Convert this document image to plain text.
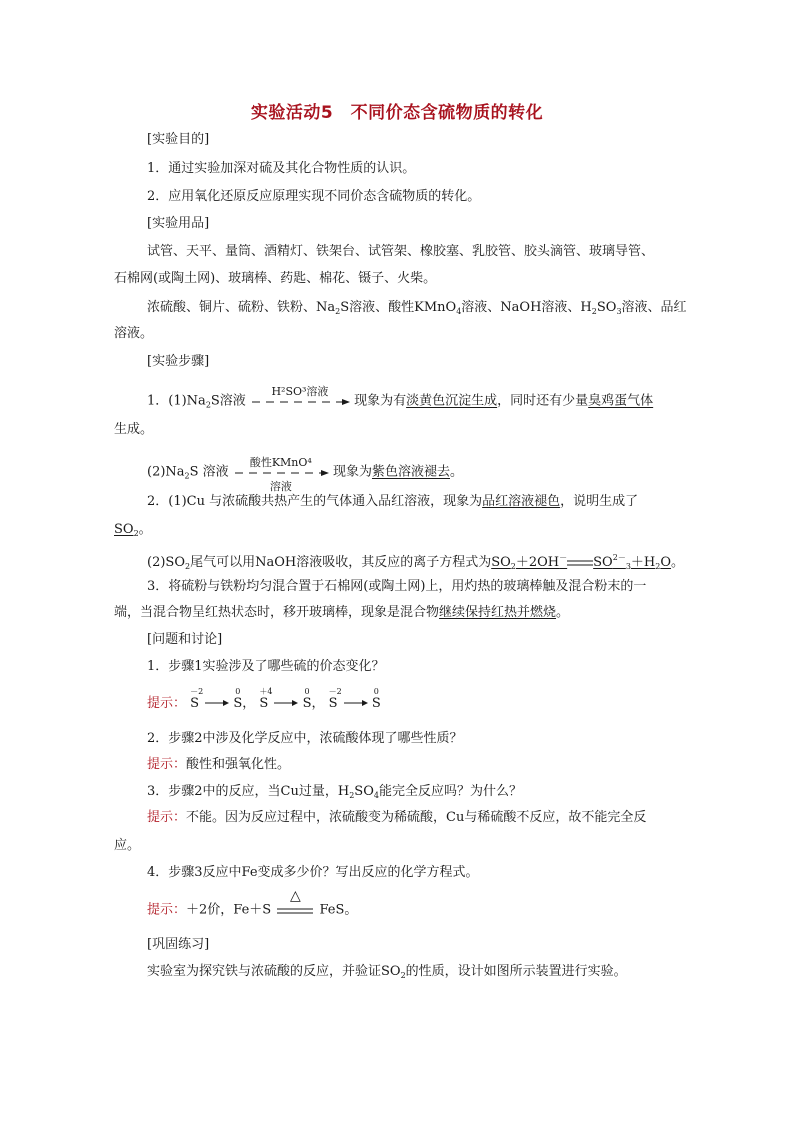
实验活动5　不同价态含硫物质的转化
[实验目的]
1．通过实验加深对硫及其化合物性质的认识。
2．应用氧化还原反应原理实现不同价态含硫物质的转化。
[实验用品]
试管、天平、量筒、酒精灯、铁架台、试管架、橡胶塞、乳胶管、胶头滴管、玻璃导管、
石棉网(或陶土网)、玻璃棒、药匙、棉花、镊子、火柴。
浓硫酸、铜片、硫粉、铁粉、$Na_2S$溶液、酸性KMnO$_4$溶液、NaOH溶液、$H_2SO_3$溶液、品红
溶液。
[实验步骤]
1．$(1)Na_2S$溶液
H²SO³溶液
现象为有淡黄色沉淀生成，同时还有少量臭鸡蛋气体
生成。
$(2)Na_2S$ 溶液
酸性KMnO⁴
溶液
现象为紫色溶液褪去。
2．(1)Cu 与浓硫酸共热产生的气体通入品红溶液，现象为品红溶液褪色，说明生成了
$SO_2$。
$(2)SO_2$尾气可以用NaOH溶液吸收，其反应的离子方程式为$SO_2+2OH^-$ $SO^{2-}_3+H_2O$。
3．将硫粉与铁粉均匀混合置于石棉网(或陶土网)上，用灼热的玻璃棒触及混合粉末的一
端，当混合物呈红热状态时，移开玻璃棒，现象是混合物继续保持红热并燃烧。
[问题和讨论]
1．步骤1实验涉及了哪些硫的价态变化？
提示：
－2
S
0
S，
＋4
S
0
S，
－2
S
0
S
2．步骤2中涉及化学反应中，浓硫酸体现了哪些性质？
提示：酸性和强氧化性。
3．步骤2中的反应，当Cu过量，$H_2SO_4$能完全反应吗？为什么？
提示：不能。因为反应过程中，浓硫酸变为稀硫酸，Cu与稀硫酸不反应，故不能完全反
应。
4．步骤3反应中Fe变成多少价？写出反应的化学方程式。
提示：＋2价，Fe＋S
△
FeS。
[巩固练习]
实验室为探究铁与浓硫酸的反应，并验证$SO_2$的性质，设计如图所示装置进行实验。
